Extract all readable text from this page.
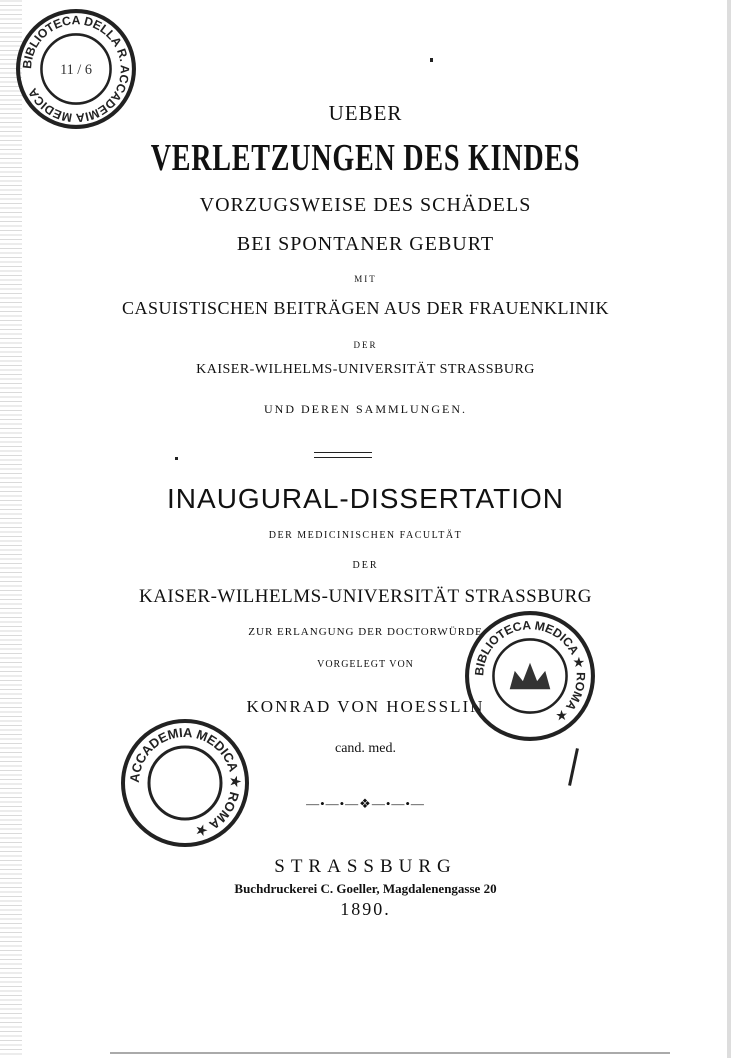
BIBLIOTECA DELLA R. ACCADEMIA MEDICA
11 / 6
UEBER
VERLETZUNGEN DES KINDES
VORZUGSWEISE DES SCHÄDELS
BEI SPONTANER GEBURT
MIT
CASUISTISCHEN BEITRÄGEN AUS DER FRAUENKLINIK
DER
KAISER-WILHELMS-UNIVERSITÄT STRASSBURG
UND DEREN SAMMLUNGEN.
INAUGURAL-DISSERTATION
DER MEDICINISCHEN FACULTÄT
DER
KAISER-WILHELMS-UNIVERSITÄT STRASSBURG
ZUR ERLANGUNG DER DOCTORWÜRDE
VORGELEGT VON
KONRAD VON HOESSLIN
cand. med.
—•—•—❖—•—•—
STRASSBURG
Buchdruckerei C. Goeller, Magdalenengasse 20
1890.
BIBLIOTECA MEDICA ★ ROMA ★
ACCADEMIA MEDICA ★ ROMA ★
